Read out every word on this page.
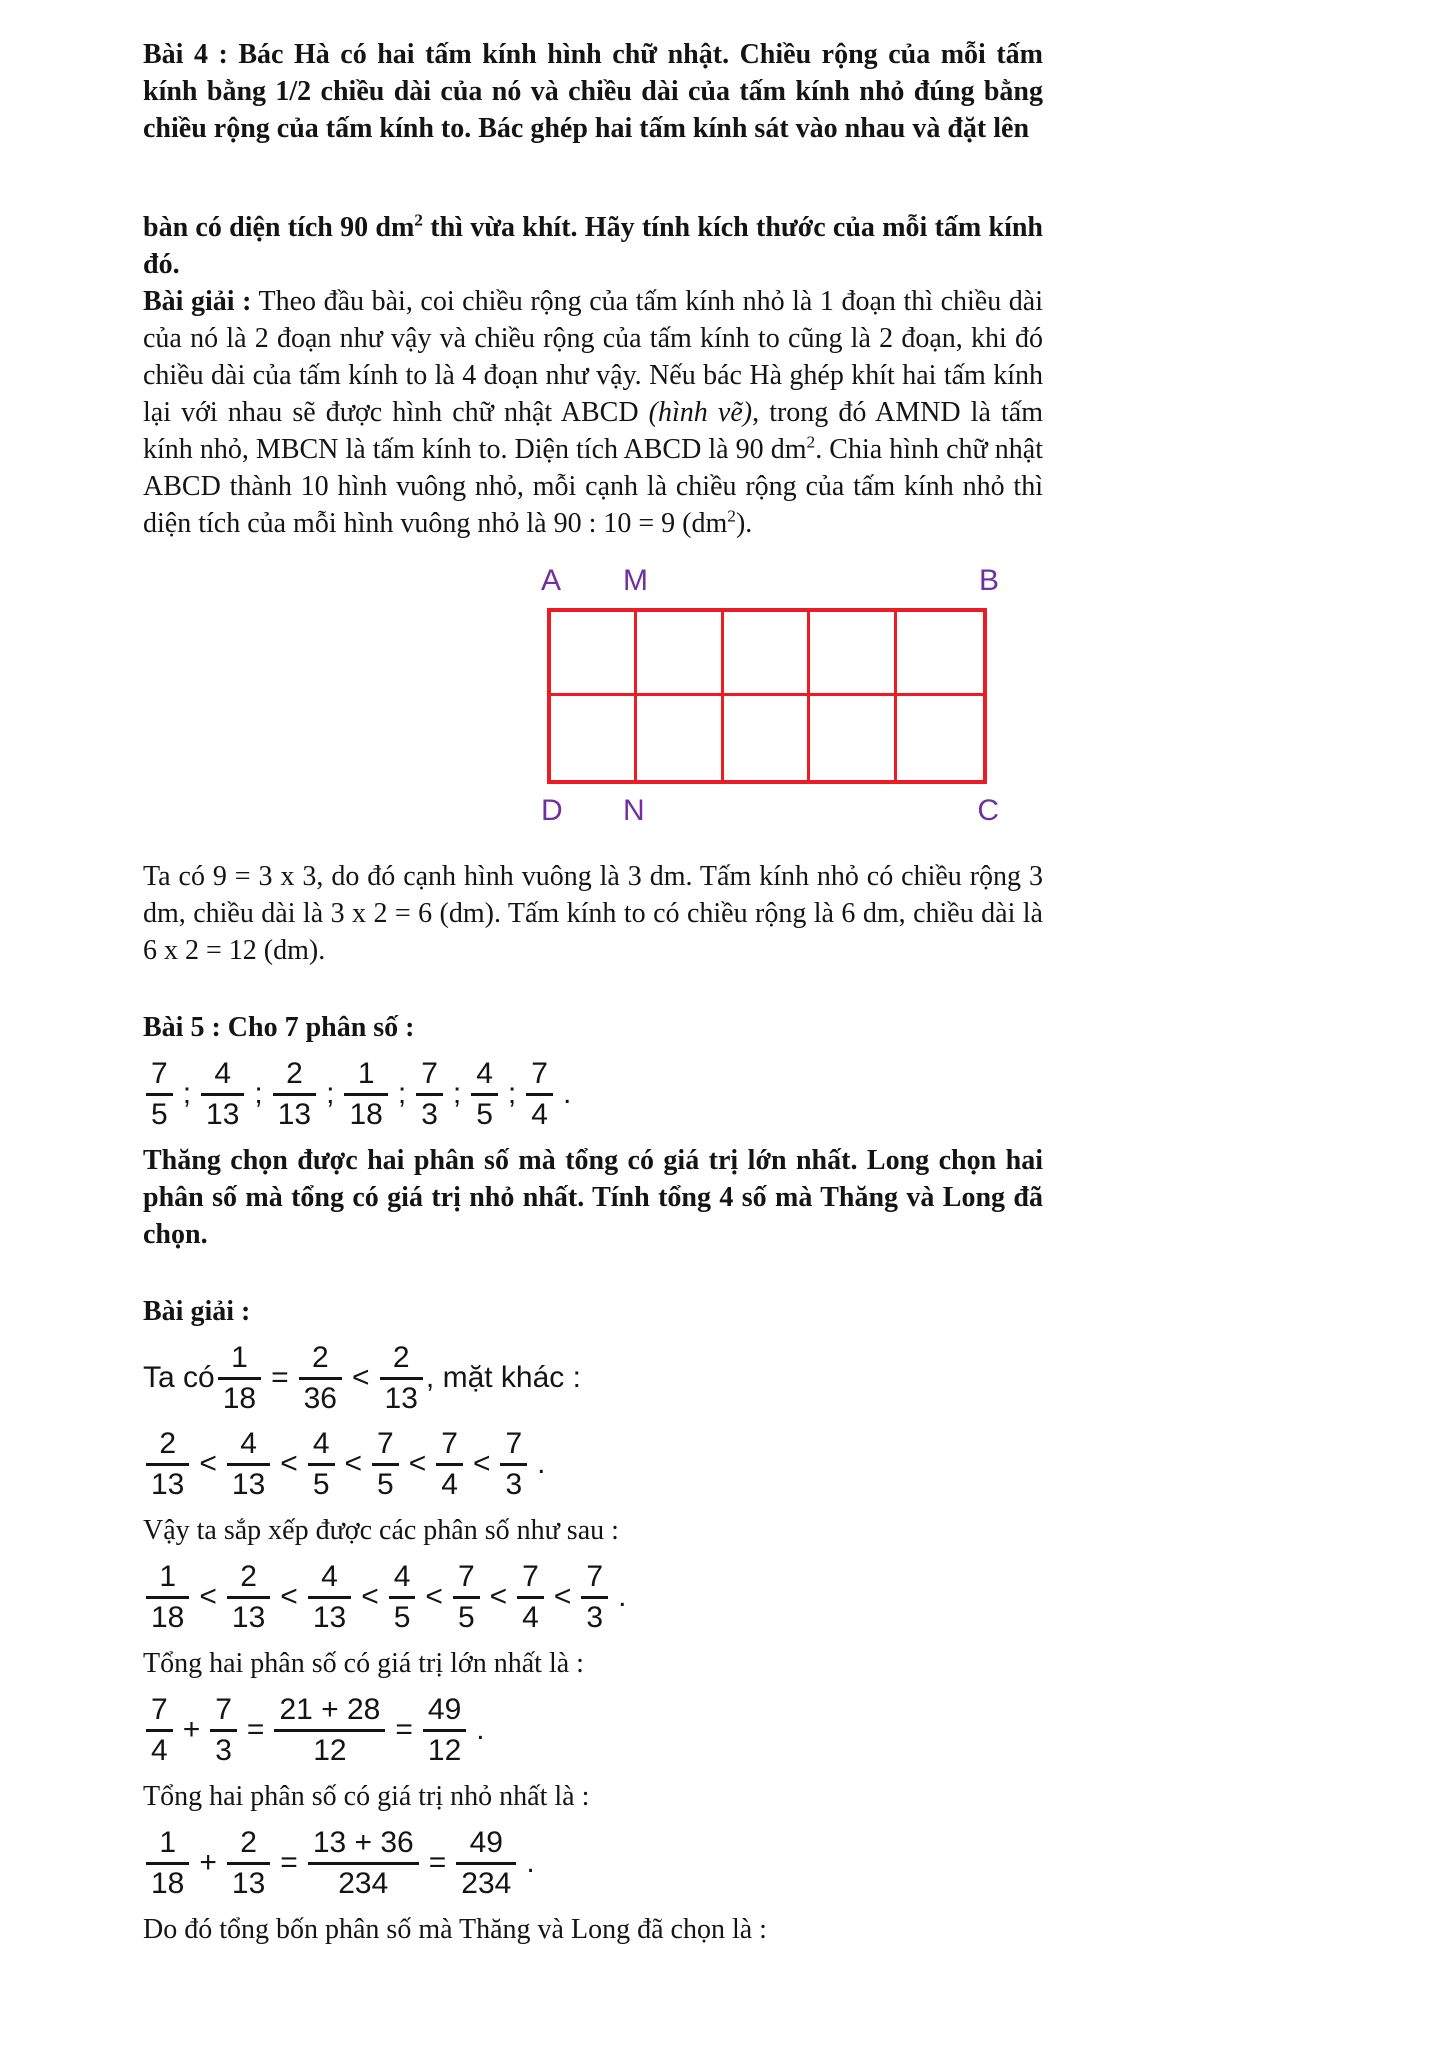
Bài 4 : Bác Hà có hai tấm kính hình chữ nhật. Chiều rộng của mỗi tấm kính bằng 1/2 chiều dài của nó và chiều dài của tấm kính nhỏ đúng bằng chiều rộng của tấm kính to. Bác ghép hai tấm kính sát vào nhau và đặt lên

bàn có diện tích 90 $dm^2$ thì vừa khít. Hãy tính kích thước của mỗi tấm kính đó.

Bài giải : Theo đầu bài, coi chiều rộng của tấm kính nhỏ là 1 đoạn thì chiều dài của nó là 2 đoạn như vậy và chiều rộng của tấm kính to cũng là 2 đoạn, khi đó chiều dài của tấm kính to là 4 đoạn như vậy. Nếu bác Hà ghép khít hai tấm kính lại với nhau sẽ được hình chữ nhật ABCD (hình vẽ), trong đó AMND là tấm kính nhỏ, MBCN là tấm kính to. Diện tích ABCD là 90 $dm^2$. Chia hình chữ nhật ABCD thành 10 hình vuông nhỏ, mỗi cạnh là chiều rộng của tấm kính nhỏ thì diện tích của mỗi hình vuông nhỏ là 90 : 10 = 9 $(dm^2)$.

A M	B
D N	C

Ta có 9 = 3 x 3, do đó cạnh hình vuông là 3 dm. Tấm kính nhỏ có chiều rộng 3 dm, chiều dài là 3 x 2 = 6 (dm). Tấm kính to có chiều rộng là 6 dm, chiều dài là 6 x 2 = 12 (dm).

Bài 5 : Cho 7 phân số :

$\frac{7}{5}$ ; $\frac{4}{13}$ ; $\frac{2}{13}$ ; $\frac{1}{18}$ ; $\frac{7}{3}$ ; $\frac{4}{5}$ ; $\frac{7}{4}$ .

Thăng chọn được hai phân số mà tổng có giá trị lớn nhất. Long chọn hai phân số mà tổng có giá trị nhỏ nhất. Tính tổng 4 số mà Thăng và Long đã chọn.

Bài giải :

Ta có $\frac{1}{18} = \frac{2}{36} < \frac{2}{13}$ , mặt khác :
$\frac{2}{13} < \frac{4}{13} < \frac{4}{5} < \frac{7}{5} < \frac{7}{4} < \frac{7}{3}$ .

Vậy ta sắp xếp được các phân số như sau :

$\frac{1}{18} < \frac{2}{13} < \frac{4}{13} < \frac{4}{5} < \frac{7}{5} < \frac{7}{4} < \frac{7}{3}$ .

Tổng hai phân số có giá trị lớn nhất là :

$\frac{7}{4} + \frac{7}{3} = \frac{21 + 28}{12} = \frac{49}{12}$ .

Tổng hai phân số có giá trị nhỏ nhất là :

$\frac{1}{18} + \frac{2}{13} = \frac{13 + 36}{234} = \frac{49}{234}$ .

Do đó tổng bốn phân số mà Thăng và Long đã chọn là :
